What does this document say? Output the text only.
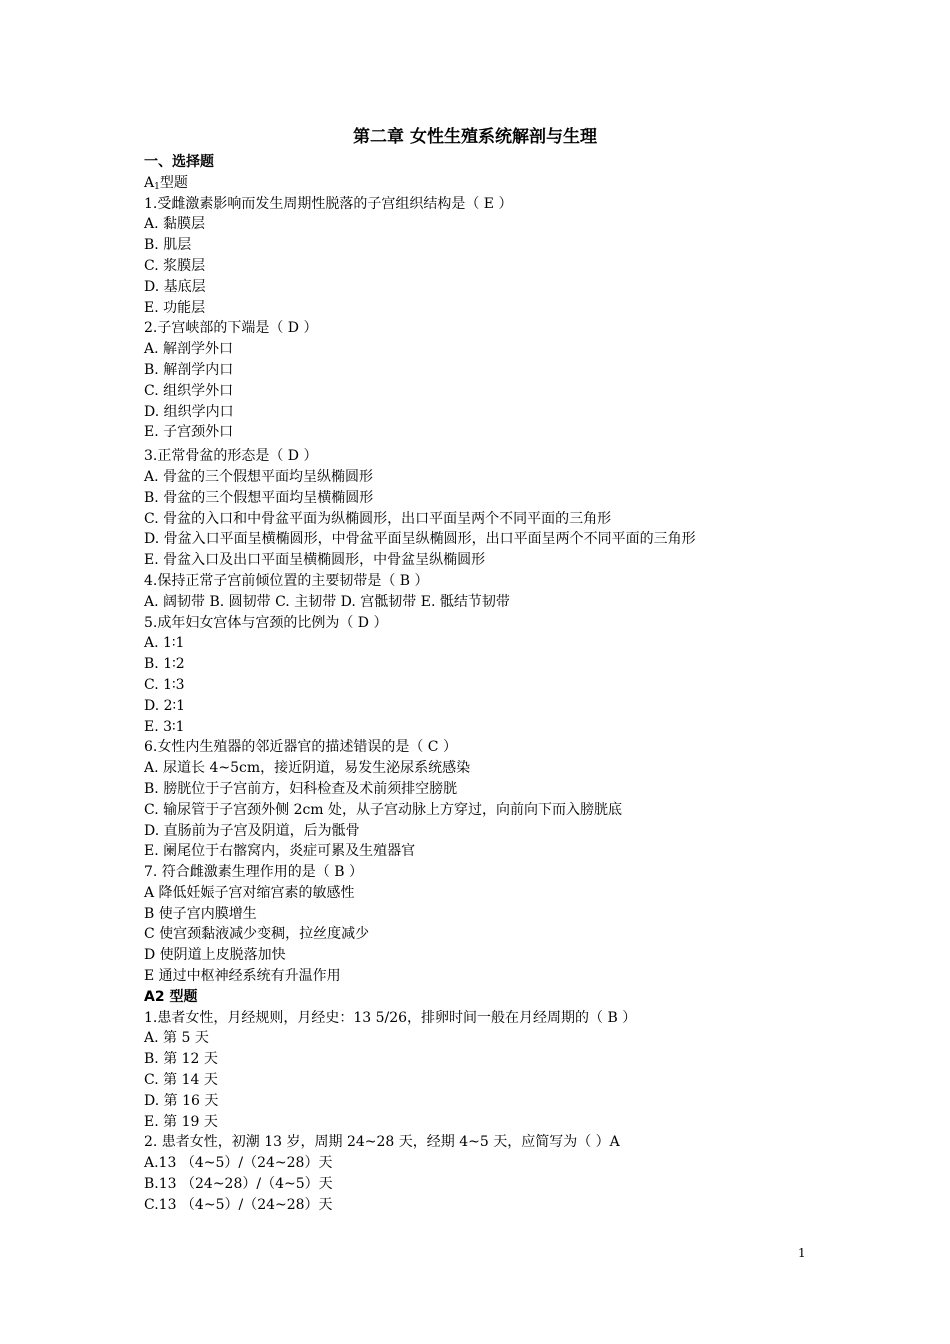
第二章 女性生殖系统解剖与生理
一、选择题
$A_1$型题
1.受雌激素影响而发生周期性脱落的子宫组织结构是（ E ）
A. 黏膜层
B. 肌层
C. 浆膜层
D. 基底层
E. 功能层
2.子宫峡部的下端是（ D ）
A. 解剖学外口
B. 解剖学内口
C. 组织学外口
D. 组织学内口
E. 子宫颈外口
3.正常骨盆的形态是（ D ）
A. 骨盆的三个假想平面均呈纵椭圆形
B. 骨盆的三个假想平面均呈横椭圆形
C. 骨盆的入口和中骨盆平面为纵椭圆形，出口平面呈两个不同平面的三角形
D. 骨盆入口平面呈横椭圆形，中骨盆平面呈纵椭圆形，出口平面呈两个不同平面的三角形
E. 骨盆入口及出口平面呈横椭圆形，中骨盆呈纵椭圆形
4.保持正常子宫前倾位置的主要韧带是（ B ）
A. 阔韧带 B. 圆韧带 C. 主韧带 D. 宫骶韧带 E. 骶结节韧带
5.成年妇女宫体与宫颈的比例为（ D ）
A. 1∶1
B. 1∶2
C. 1∶3
D. 2∶1
E. 3∶1
6.女性内生殖器的邻近器官的描述错误的是（ C ）
A. 尿道长 4~5cm，接近阴道，易发生泌尿系统感染
B. 膀胱位于子宫前方，妇科检查及术前须排空膀胱
C. 输尿管于子宫颈外侧 2cm 处，从子宫动脉上方穿过，向前向下而入膀胱底
D. 直肠前为子宫及阴道，后为骶骨
E. 阑尾位于右髂窝内，炎症可累及生殖器官
7. 符合雌激素生理作用的是（ B ）
A 降低妊娠子宫对缩宫素的敏感性
B 使子宫内膜增生
C 使宫颈黏液减少变稠，拉丝度减少
D 使阴道上皮脱落加快
E 通过中枢神经系统有升温作用
A2 型题
1.患者女性，月经规则，月经史：13 5/26，排卵时间一般在月经周期的（ B ）
A. 第 5 天
B. 第 12 天
C. 第 14 天
D. 第 16 天
E. 第 19 天
2. 患者女性，初潮 13 岁，周期 24~28 天，经期 4~5 天，应简写为（ ）A
A.13 （4~5）/（24~28）天
B.13 （24~28）/（4~5）天
C.13 （4~5）/（24~28）天
1
